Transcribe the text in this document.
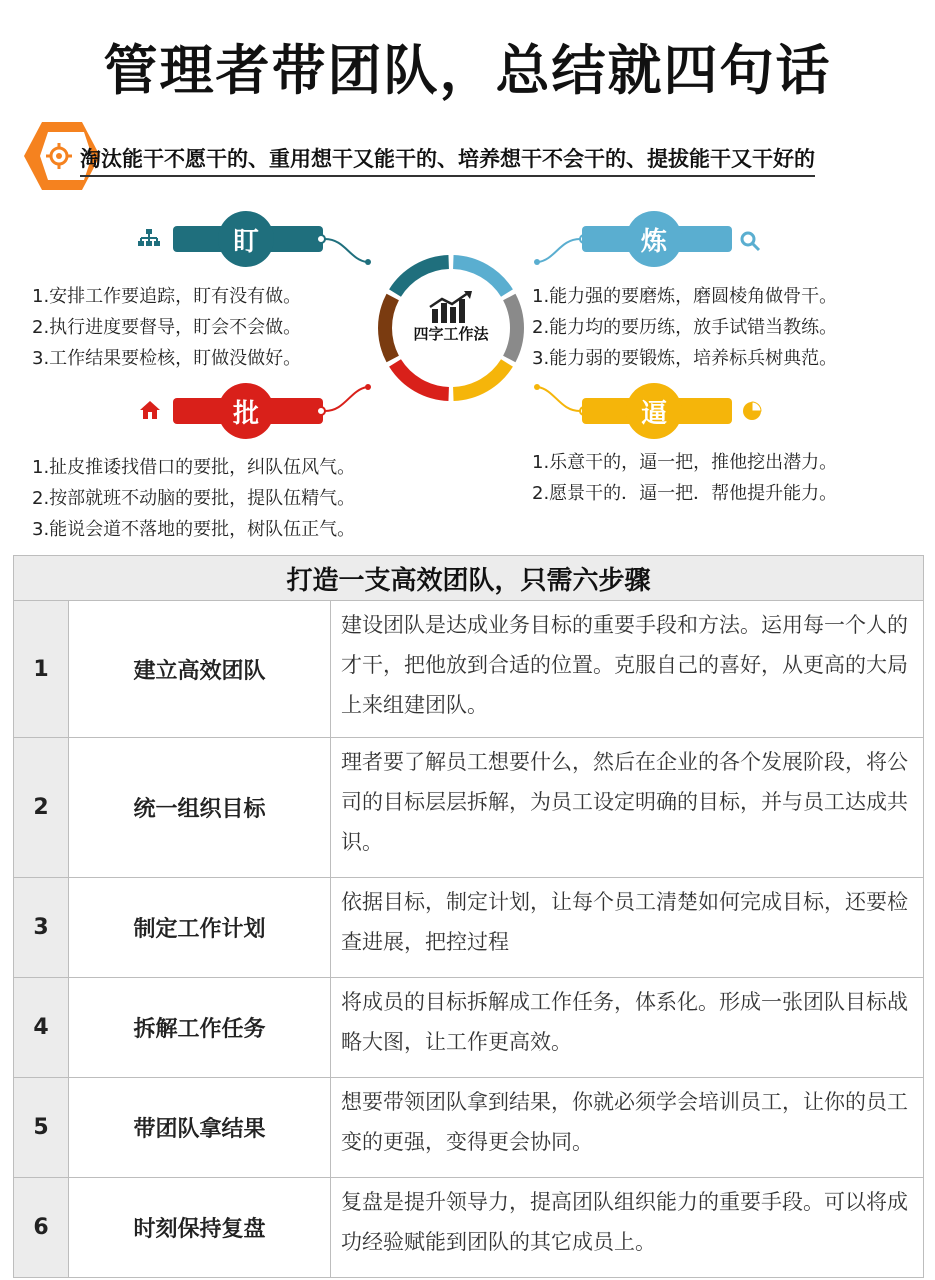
管理者带团队，总结就四句话
淘汰能干不愿干的、重用想干又能干的、培养想干不会干的、提拔能干又干好的
盯
1.安排工作要追踪，盯有没有做。
2.执行进度要督导，盯会不会做。
3.工作结果要检核，盯做没做好。
炼
1.能力强的要磨炼，磨圆棱角做骨干。
2.能力均的要历练，放手试错当教练。
3.能力弱的要锻炼，培养标兵树典范。
批
1.扯皮推诿找借口的要批，纠队伍风气。
2.按部就班不动脑的要批，提队伍精气。
3.能说会道不落地的要批，树队伍正气。
逼
1.乐意干的，逼一把，推他挖出潜力。
2.愿景干的．逼一把．帮他提升能力。
四字工作法
打造一支高效团队，只需六步骤		
1	建立高效团队	建设团队是达成业务目标的重要手段和方法。运用每一个人的才干，把他放到合适的位置。克服自己的喜好，从更高的大局上来组建团队。
2	统一组织目标	理者要了解员工想要什么，然后在企业的各个发展阶段，将公司的目标层层拆解，为员工设定明确的目标，并与员工达成共识。
3	制定工作计划	依据目标，制定计划，让每个员工清楚如何完成目标，还要检查进展，把控过程
4	拆解工作任务	将成员的目标拆解成工作任务，体系化。形成一张团队目标战略大图，让工作更高效。
5	带团队拿结果	想要带领团队拿到结果，你就必须学会培训员工，让你的员工变的更强，变得更会协同。
6	时刻保持复盘	复盘是提升领导力，提高团队组织能力的重要手段。可以将成功经验赋能到团队的其它成员上。
